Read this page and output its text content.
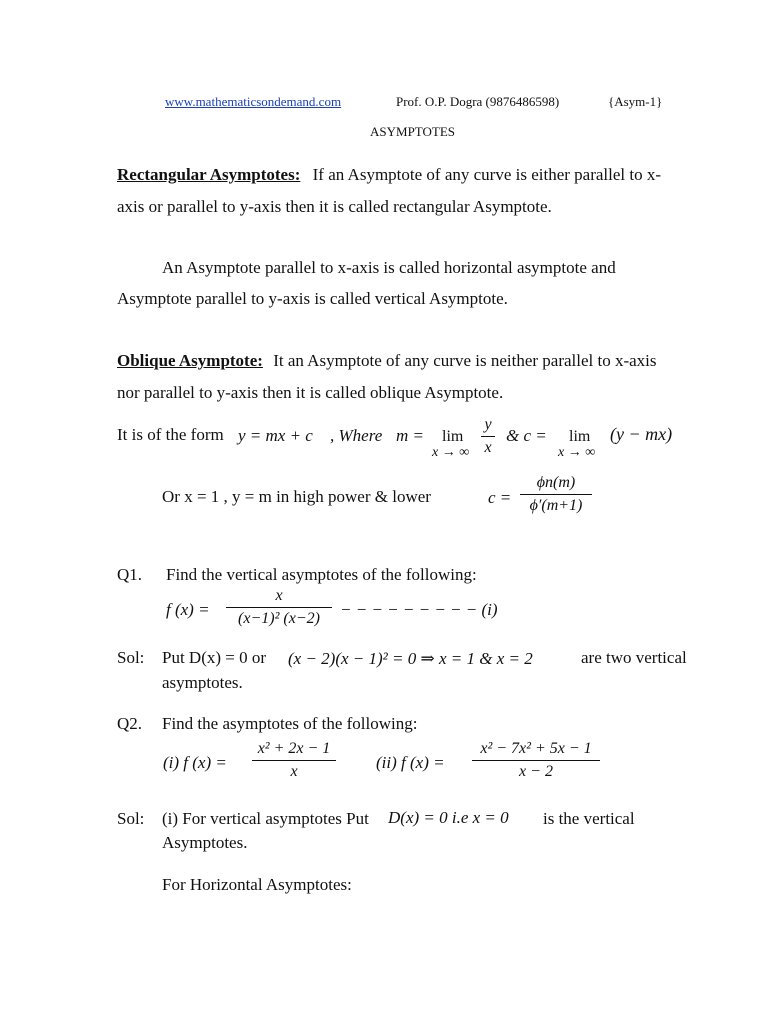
www.mathematicsondemand.com	Prof. O.P. Dogra (9876486598)	{Asym-1}
ASYMPTOTES
Rectangular Asymptotes: If an Asymptote of any curve is either parallel to x-
axis or parallel to y-axis then it is called rectangular Asymptote.
An Asymptote parallel to x-axis is called horizontal asymptote and
Asymptote parallel to y-axis is called vertical Asymptote.
Oblique Asymptote: It an Asymptote of any curve is neither parallel to x-axis
nor parallel to y-axis then it is called oblique Asymptote.
It is of the form y = mx + c , Where m = lim
x → ∞
y
x
& c = lim
x → ∞
(y − mx)
Or x = 1 , y = m in high power & lower	c =
ϕn(m)
ϕ′(m+1)
Q1. Find the vertical asymptotes of the following:
f (x) =
x
(x−1)² (x−2)	− − − − − − − − − (i)
Sol: Put D(x) = 0 or (x − 2)(x − 1)² = 0 ⇒ x = 1 & x = 2	are two vertical
asymptotes.
Q2. Find the asymptotes of the following:
(i) f (x) =
x² + 2x − 1
x	(ii) f (x) =
x² − 7x² + 5x − 1
x − 2
Sol: (i) For vertical asymptotes Put D(x) = 0 i.e x = 0 is the vertical
Asymptotes.
For Horizontal Asymptotes:
